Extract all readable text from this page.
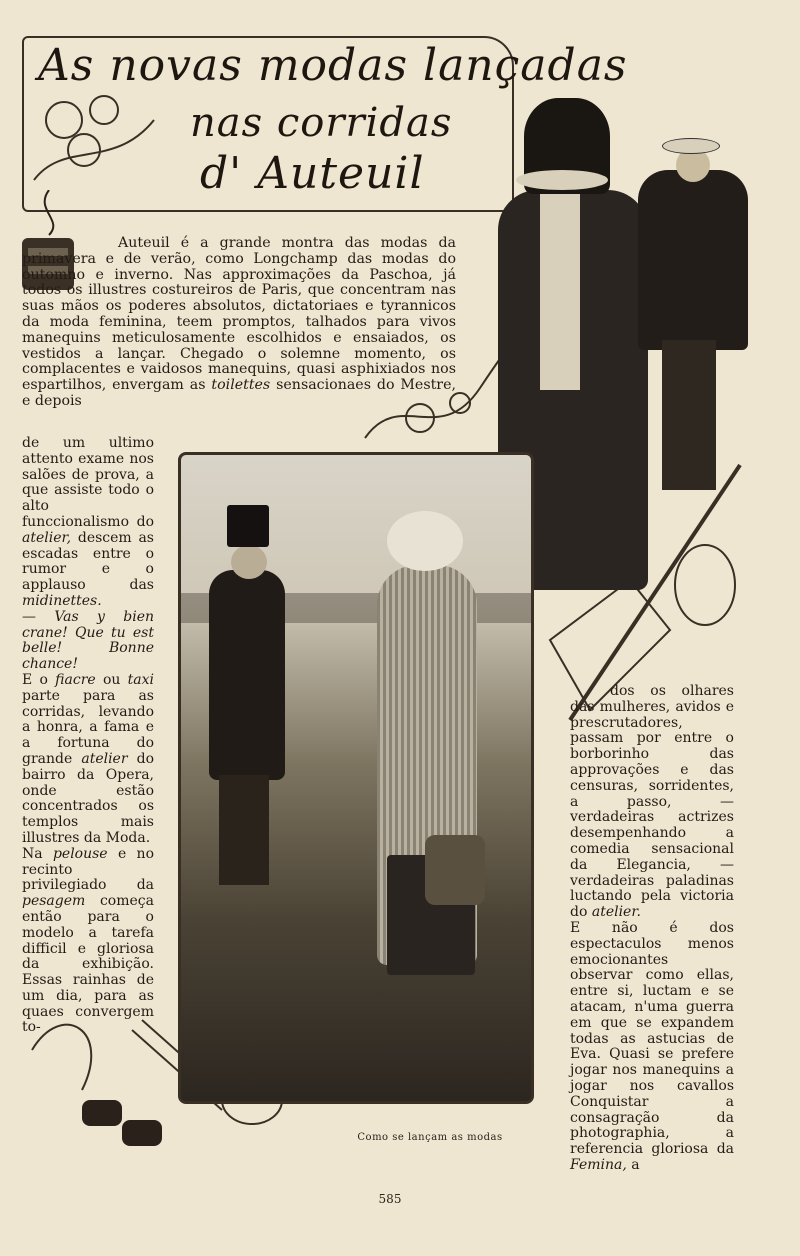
As novas modas lançadas
nas corridas
d' Auteuil

Auteuil é a grande montra das modas da primavera e de verão, como Longchamp das modas do outomno e inverno. Nas approximações da Paschoa, já todos os illustres costureiros de Paris, que concentram nas suas mãos os poderes absolutos, dictatoriaes e tyrannicos da moda feminina, teem promptos, talhados para vivos manequins meticulosamente escolhidos e ensaiados, os vestidos a lançar. Chegado o solemne momento, os complacentes e vaidosos manequins, quasi asphixiados nos espartilhos, envergam as toilettes sensacionaes do Mestre, e depois

de um ultimo attento exame nos salões de prova, a que assiste todo o alto funccionalismo do atelier, descem as escadas entre o rumor e o applauso das midinettes.

— Vas y bien crane! Que tu est belle! Bonne chance!

E o fiacre ou taxi parte para as corridas, levando a honra, a fama e a fortuna do grande atelier do bairro da Opera, onde estão concentrados os templos mais illustres da Moda.

Na pelouse e no recinto privilegiado da pesagem começa então para o modelo a tarefa difficil e gloriosa da exhibição. Essas rainhas de um dia, para as quaes convergem to-

dos os olhares das mulheres, avidos e prescrutadores, passam por entre o borborinho das approvações e das censuras, sorridentes, a passo, — verdadeiras actrizes desempenhando a comedia sensacional da Elegancia, — verdadeiras paladinas luctando pela victoria do atelier.

E não é dos espectaculos menos emocionantes observar como ellas, entre si, luctam e se atacam, n'uma guerra em que se expandem todas as astucias de Eva. Quasi se prefere jogar nos manequins a jogar nos cavallos Conquistar a consagração da photographia, a referencia gloriosa da Femina, a

Como se lançam as modas
585
